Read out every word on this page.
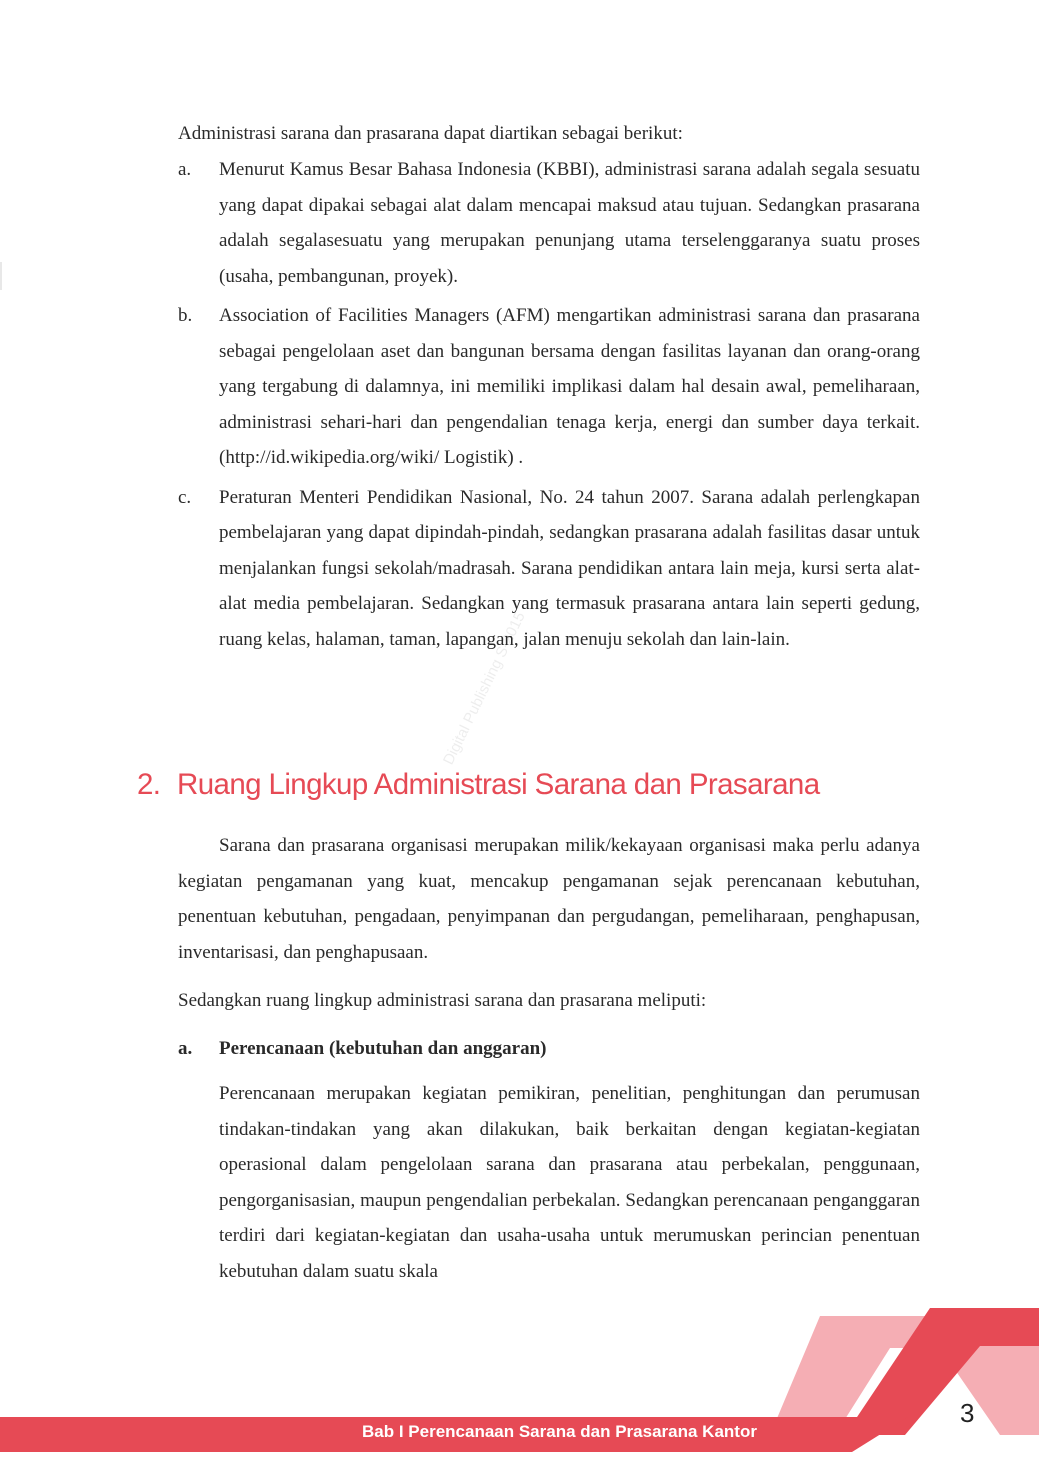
Administrasi sarana dan prasarana dapat diartikan sebagai berikut:
a.	Menurut Kamus Besar Bahasa Indonesia (KBBI), administrasi sarana adalah segala sesuatu yang dapat dipakai sebagai alat dalam mencapai maksud atau tujuan. Sedangkan prasarana adalah segalasesuatu yang merupakan penunjang utama terselenggaranya suatu proses (usaha, pembangunan, proyek).
b.	Association of Facilities Managers (AFM) mengartikan administrasi sarana dan prasarana sebagai pengelolaan aset dan bangunan bersama dengan fasilitas layanan dan orang-orang yang tergabung di dalamnya, ini memiliki implikasi dalam hal desain awal, pemeliharaan, administrasi sehari-hari dan pengendalian tenaga kerja, energi dan sumber daya terkait. (http://id.wikipedia.org/wiki/ Logistik) .
c.	Peraturan Menteri Pendidikan Nasional, No. 24 tahun 2007. Sarana adalah perlengkapan pembelajaran yang dapat dipindah-pindah, sedangkan prasarana adalah fasilitas dasar untuk menjalankan fungsi sekolah/madrasah. Sarana pendidikan antara lain meja, kursi serta alat-alat media pembelajaran. Sedangkan yang termasuk prasarana antara lain seperti gedung, ruang kelas, halaman, taman, lapangan, jalan menuju sekolah dan lain-lain.
Digital Publishing S-2015
2. Ruang Lingkup Administrasi Sarana dan Prasarana

Sarana dan prasarana organisasi merupakan milik/kekayaan organisasi maka perlu adanya kegiatan pengamanan yang kuat, mencakup pengamanan sejak perencanaan kebutuhan, penentuan kebutuhan, pengadaan, penyimpanan dan pergudangan, pemeliharaan, penghapusan, inventarisasi, dan penghapusaan.

Sedangkan ruang lingkup administrasi sarana dan prasarana meliputi:
a.	Perencanaan (kebutuhan dan anggaran)

Perencanaan merupakan kegiatan pemikiran, penelitian, penghitungan dan perumusan tindakan-tindakan yang akan dilakukan, baik berkaitan dengan kegiatan-kegiatan operasional dalam pengelolaan sarana dan prasarana atau perbekalan, penggunaan, pengorganisasian, maupun pengendalian perbekalan. Sedangkan perencanaan penganggaran terdiri dari kegiatan-kegiatan dan usaha-usaha untuk merumuskan perincian penentuan kebutuhan dalam suatu skala

Bab I Perencanaan Sarana dan Prasarana Kantor
3
